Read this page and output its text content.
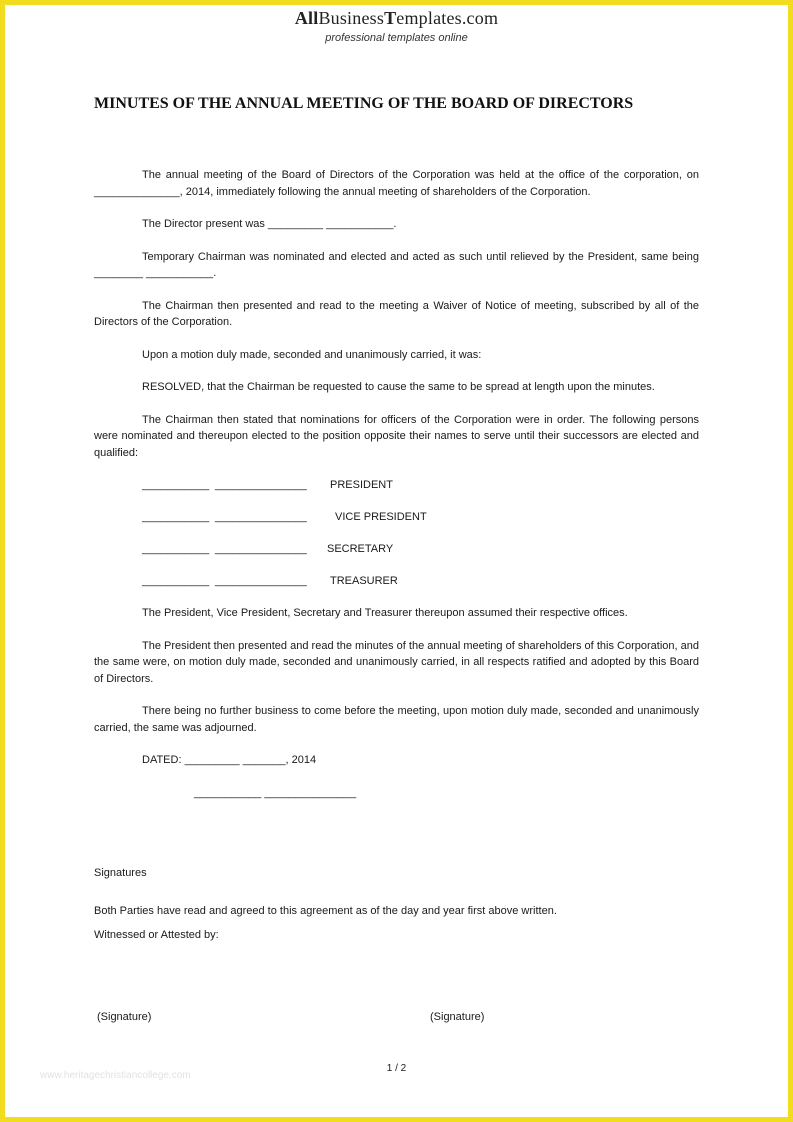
AllBusinessTemplates.com
professional templates online
MINUTES OF THE ANNUAL MEETING OF THE BOARD OF DIRECTORS

The annual meeting of the Board of Directors of the Corporation was held at the office of the corporation, on ______________, 2014, immediately following the annual meeting of shareholders of the Corporation.

The Director present was _________ ___________.

Temporary Chairman was nominated and elected and acted as such until relieved by the President, same being ________ ___________.

The Chairman then presented and read to the meeting a Waiver of Notice of meeting, subscribed by all of the Directors of the Corporation.

Upon a motion duly made, seconded and unanimously carried, it was:

RESOLVED, that the Chairman be requested to cause the same to be spread at length upon the minutes.

The Chairman then stated that nominations for officers of the Corporation were in order. The following persons were nominated and thereupon elected to the position opposite their names to serve until their successors are elected and qualified:

___________ _______________ PRESIDENT
___________ _______________	VICE PRESIDENT
___________ _______________ SECRETARY
___________ _______________ TREASURER

The President, Vice President, Secretary and Treasurer thereupon assumed their respective offices.

The President then presented and read the minutes of the annual meeting of shareholders of this Corporation, and the same were, on motion duly made, seconded and unanimously carried, in all respects ratified and adopted by this Board of Directors.

There being no further business to come before the meeting, upon motion duly made, seconded and unanimously carried, the same was adjourned.

DATED: _________ _______, 2014
___________ _______________
Signatures
Both Parties have read and agreed to this agreement as of the day and year first above written.
Witnessed or Attested by:
(Signature)	(Signature)
1 / 2
www.heritagechristiancollege.com
